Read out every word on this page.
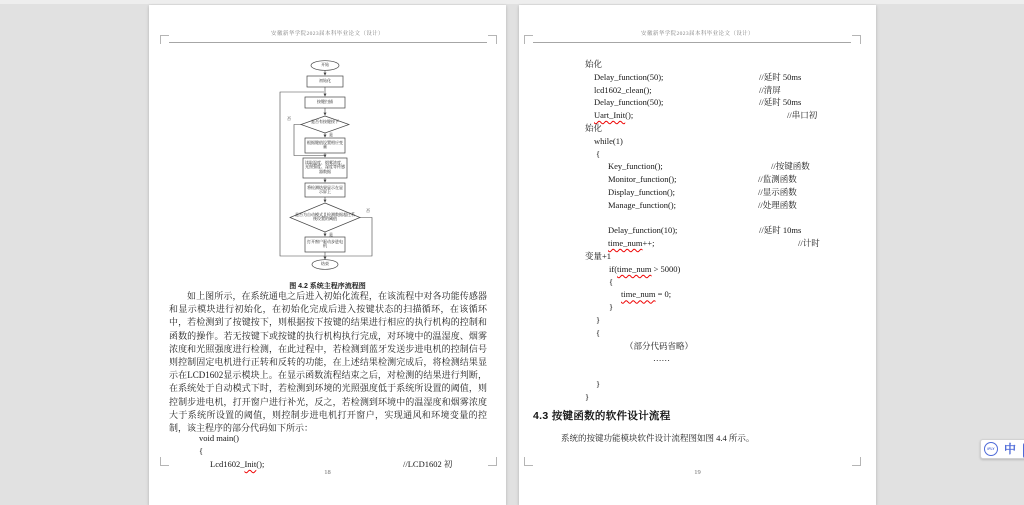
安徽新华学院2023届本科毕业论文（设计）
开始
初始化
按键扫描
是否有按键按下
根据键值设置相应变量
读取温度、烟雾浓度、光照强度、湿度等传感器数据
将检测结果显示在显示屏上
是否为自动模式且检测数据超过系统设置的阈值
打开窗户驱动步进电机
结束
否
是
否
是
图 4.2 系统主程序流程图
如上图所示，在系统通电之后进入初始化流程，在该流程中对各功能传感器和显示模块进行初始化，在初始化完成后进入按键状态的扫描循环，在该循环中，若检测到了按键按下，则根据按下按键的结果进行相应的执行机构的控制和函数的操作。若无按键下或按键的执行机构执行完成，对环境中的温湿度、烟雾浓度和光照强度进行检测，在此过程中，若检测到蓝牙发送步进电机的控制信号则控制固定电机进行正转和反转的功能，在上述结果检测完成后，将检测结果显示在LCD1602显示模块上。在显示函数流程结束之后，对检测的结果进行判断，在系统处于自动模式下时，若检测到环境的光照强度低于系统所设置的阈值，则控制步进电机，打开窗户进行补光，反之，若检测到环境中的温湿度和烟雾浓度大于系统所设置的阈值，则控制步进电机打开窗户，实现通风和环境变量的控制，该主程序的部分代码如下所示：
void main()
{
Lcd1602_Init();	//LCD1602 初
18
安徽新华学院2023届本科毕业论文（设计）
始化
Delay_function(50);	//延时 50ms
lcd1602_clean();	//清屏
Delay_function(50);	//延时 50ms
Uart_Init();	//串口初
始化
while(1)
{
Key_function();	//按键函数
Monitor_function();	//监测函数
Display_function();	//显示函数
Manage_function();	//处理函数
Delay_function(10);	//延时 10ms
time_num++;	//计时
变量+1
if(time_num > 5000)
{
time_num = 0;
}
}
{
（部分代码省略）
……
}
}
4.3 按键函数的软件设计流程
系统的按键功能模块软件设计流程图如图 4.4 所示。
19
iFLY 中
